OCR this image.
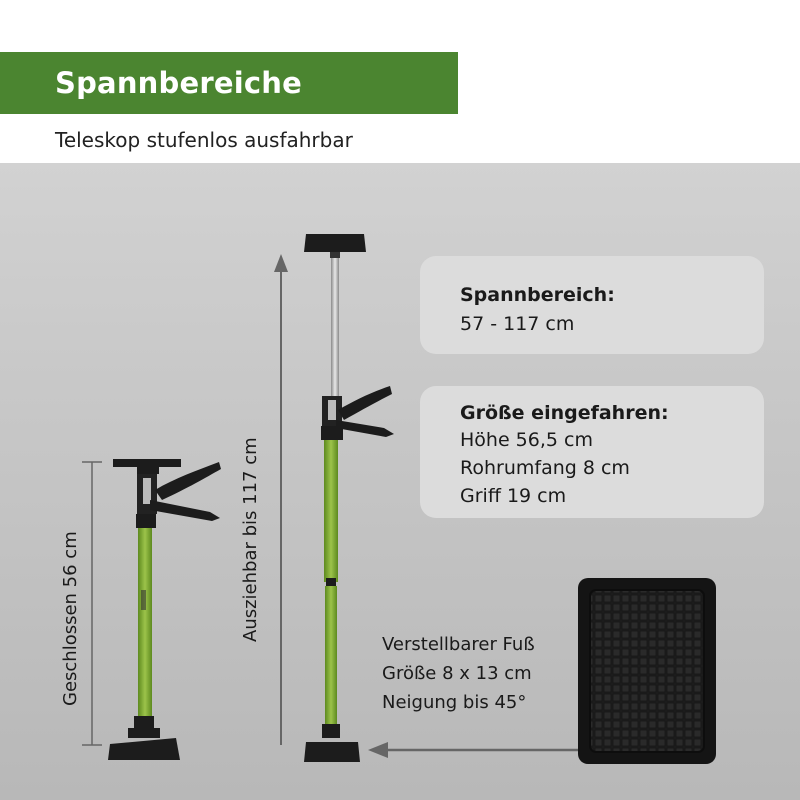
Spannbereiche
Teleskop stufenlos ausfahrbar
Spannbereich:
57 - 117 cm
Größe eingefahren:
Höhe 56,5 cm
Rohrumfang 8 cm
Griff 19 cm
Verstellbarer Fuß
Größe 8 x 13 cm
Neigung bis 45°
Geschlossen 56 cm	Ausziehbar bis 117 cm
